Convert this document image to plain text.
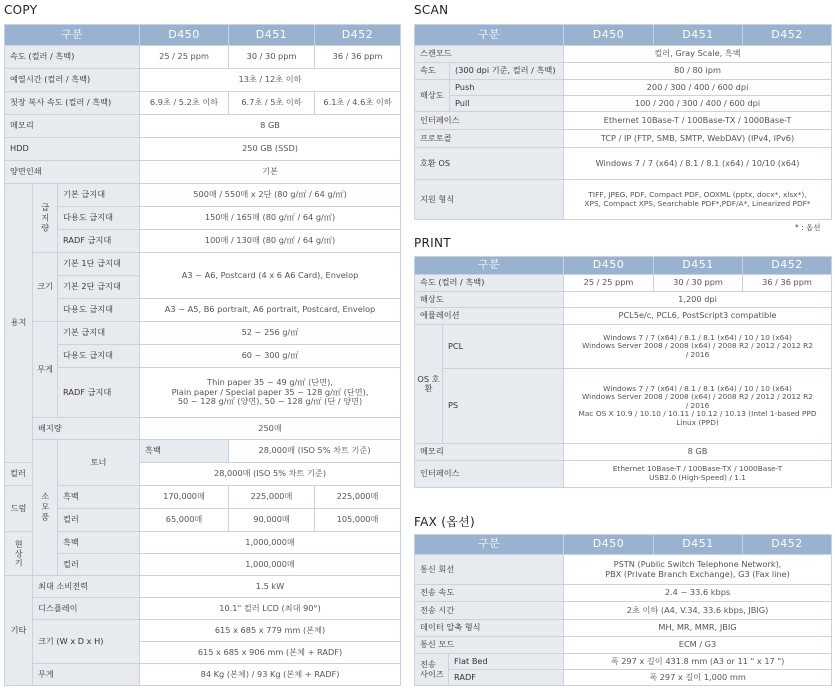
COPY
구분			D450	D451	D452
속도 (컬러 / 흑백)			25 / 25 ppm	30 / 30 ppm	36 / 36 ppm
예열시간 (컬러 / 흑백)			13초 / 12초 이하		
첫장 복사 속도 (컬러 / 흑백)			6.9초 / 5.2초 이하	6.7초 / 5초 이하	6.1초 / 4.6초 이하
메모리			8 GB		
HDD			250 GB (SSD)		
양면인쇄			기본		
용지	급지량	기본 급지대	500매 / 550매 x 2단 (80 g/㎡ / 64 g/㎡)		
		다용도 급지대	150매 / 165매 (80 g/㎡ / 64 g/㎡)		
		RADF 급지대	100매 / 130매 (80 g/㎡ / 64 g/㎡)		
	크기	기본 1단 급지대	A3 ~ A6, Postcard (4 x 6 A6 Card), Envelop		
		기본 2단 급지대			
		다용도 급지대	A3 ~ A5, B6 portrait, A6 portrait, Postcard, Envelop		
	무게	기본 급지대	52 ~ 256 g/㎡		
		다용도 급지대	60 ~ 300 g/㎡		
		RADF 급지대	Thin paper 35 ~ 49 g/㎡ (단면),
Plain paper / Special paper 35 ~ 128 g/㎡ (단면),
50 ~ 128 g/㎡ (양면), 50 ~ 128 g/㎡ (단 / 양면)		

	배지량		250매		
	소모품	토너	흑백	28,000매 (ISO 5% 차트 기준)	
컬러			28,000매 (ISO 5% 차트 기준)		
드럼		흑백	170,000매	225,000매	225,000매
		컬러	65,000매	90,000매	105,000매
현상기		흑백	1,000,000매		
		컬러	1,000,000매		
기타	최대 소비전력		1.5 kW		
	디스플레이		10.1" 컬러 LCD (최대 90°)		
	크기 (W x D x H)		615 x 685 x 779 mm (본체)		
			615 x 685 x 906 mm (본체 + RADF)		
	무게		84 Kg (본체) / 93 Kg (본체 + RADF)		
SCAN
구분		D450	D451	D452
스캔모드		컬러, Gray Scale, 흑백		
속도	(300 dpi 기준, 컬러 / 흑백)	80 / 80 ipm		
해상도	Push	200 / 300 / 400 / 600 dpi		
	Pull	100 / 200 / 300 / 400 / 600 dpi		
인터페이스		Ethernet 10Base-T / 100Base-TX / 1000Base-T		
프로토콜		TCP / IP (FTP, SMB, SMTP, WebDAV) (IPv4, IPv6)		
호환 OS		Windows 7 / 7 (x64) / 8.1 / 8.1 (x64) / 10/10 (x64)		
지원 형식		TIFF, JPEG, PDF, Compact PDF, OOXML (pptx, docx*, xlsx*),
XPS, Compact XPS, Searchable PDF*,PDF/A*, Linearized PDF*		
* : 옵션
PRINT
구분		D450	D451	D452
속도 (컬러 / 흑백)		25 / 25 ppm	30 / 30 ppm	36 / 36 ppm
해상도		1,200 dpi		
에뮬레이션		PCL5e/c, PCL6, PostScript3 compatible		
OS 호환	PCL	Windows 7 / 7 (x64) / 8.1 / 8.1 (x64) / 10 / 10 (x64)
Windows Server 2008 / 2008 (x64) / 2008 R2 / 2012 / 2012 R2
/ 2016		

	PS	Windows 7 / 7 (x64) / 8.1 / 8.1 (x64) / 10 / 10 (x64)
Windows Server 2008 / 2008 (x64) / 2008 R2 / 2012 / 2012 R2
/ 2016
Mac OS X 10.9 / 10.10 / 10.11 / 10.12 / 10.13 (Intel 1-based PPD
Linux (PPD)		

메모리		8 GB		
인터페이스		Ethernet 10Base-T / 100Base-TX / 1000Base-T
USB2.0 (High-Speed) / 1.1		
FAX (옵션)
구분		D450	D451	D452
통신 회선		PSTN (Public Switch Telephone Network),
PBX (Private Branch Exchange), G3 (Fax line)		

전송 속도		2.4 ~ 33.6 kbps		
전송 시간		2초 이하 (A4, V.34, 33.6 kbps, JBIG)		
데이터 압축 형식		MH, MR, MMR, JBIG		
통신 모드		ECM / G3		
전송 사이즈	Flat Bed	폭 297 x 길이 431.8 mm (A3 or 11 " x 17 ")		
	RADF	폭 297 x 길이 1,000 mm		
